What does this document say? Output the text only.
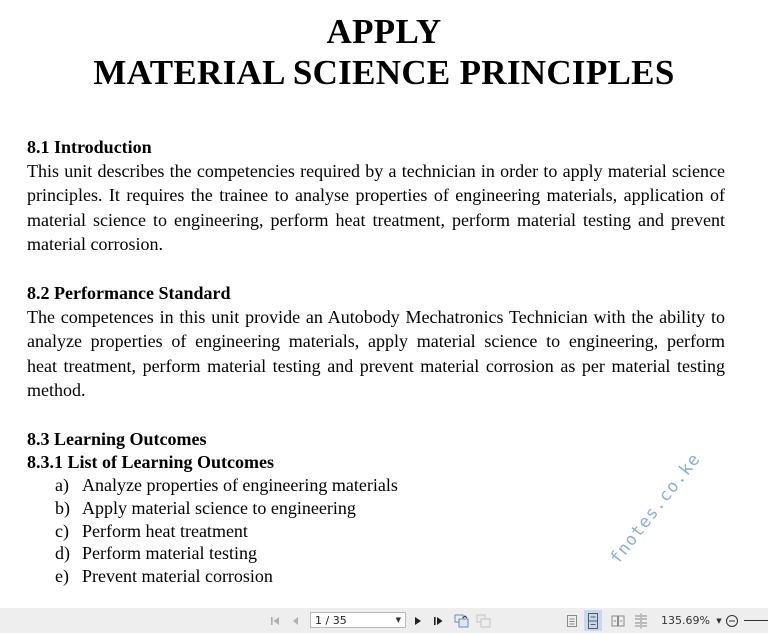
APPLY
MATERIAL SCIENCE PRINCIPLES
8.1 Introduction
This unit describes the competencies required by a technician in order to apply material science
principles. It requires the trainee to analyse properties of engineering materials, application of
material science to engineering, perform heat treatment, perform material testing and prevent
material corrosion.
8.2 Performance Standard
The competences in this unit provide an Autobody Mechatronics Technician with the ability to
analyze properties of engineering materials, apply material science to engineering, perform
heat treatment, perform material testing and prevent material corrosion as per material testing
method.
8.3 Learning Outcomes
8.3.1 List of Learning Outcomes
a) Analyze properties of engineering materials
b) Apply material science to engineering
c) Perform heat treatment
d) Perform material testing
e) Prevent material corrosion
fnotes.co.ke
1 / 35	▼	135.69% ▼
